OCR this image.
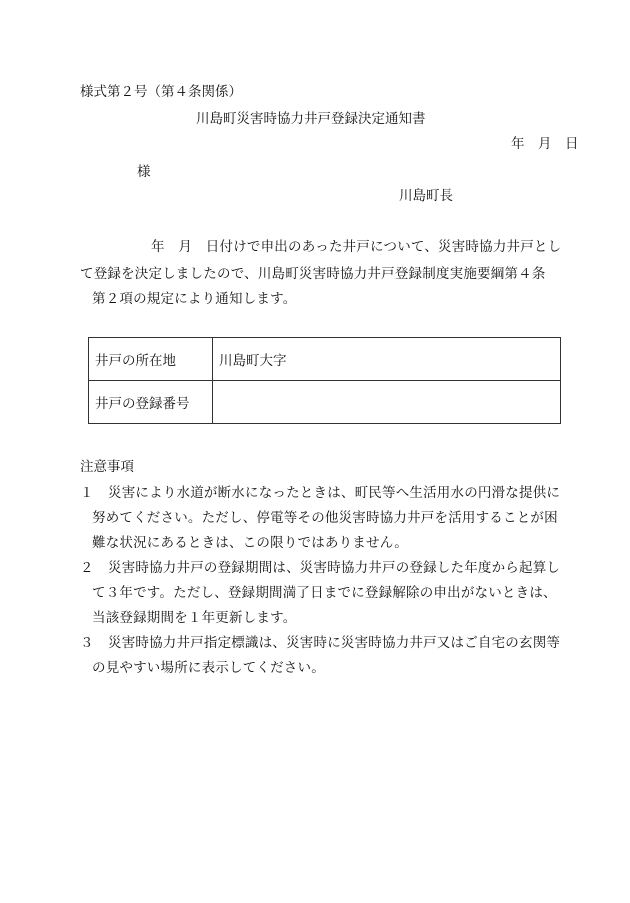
様式第２号（第４条関係）
川島町災害時協力井戸登録決定通知書
年　月　日
様
川島町長
年　月　日付けで申出のあった井戸について、災害時協力井戸とし
て登録を決定しましたので、川島町災害時協力井戸登録制度実施要綱第４条
第２項の規定により通知します。
井戸の所在地	川島町大字
井戸の登録番号	
注意事項
１ 災害により水道が断水になったときは、町民等へ生活用水の円滑な提供に
努めてください。ただし、停電等その他災害時協力井戸を活用することが困
難な状況にあるときは、この限りではありません。
２ 災害時協力井戸の登録期間は、災害時協力井戸の登録した年度から起算し
て３年です。ただし、登録期間満了日までに登録解除の申出がないときは、
当該登録期間を１年更新します。
３ 災害時協力井戸指定標識は、災害時に災害時協力井戸又はご自宅の玄関等
の見やすい場所に表示してください。
